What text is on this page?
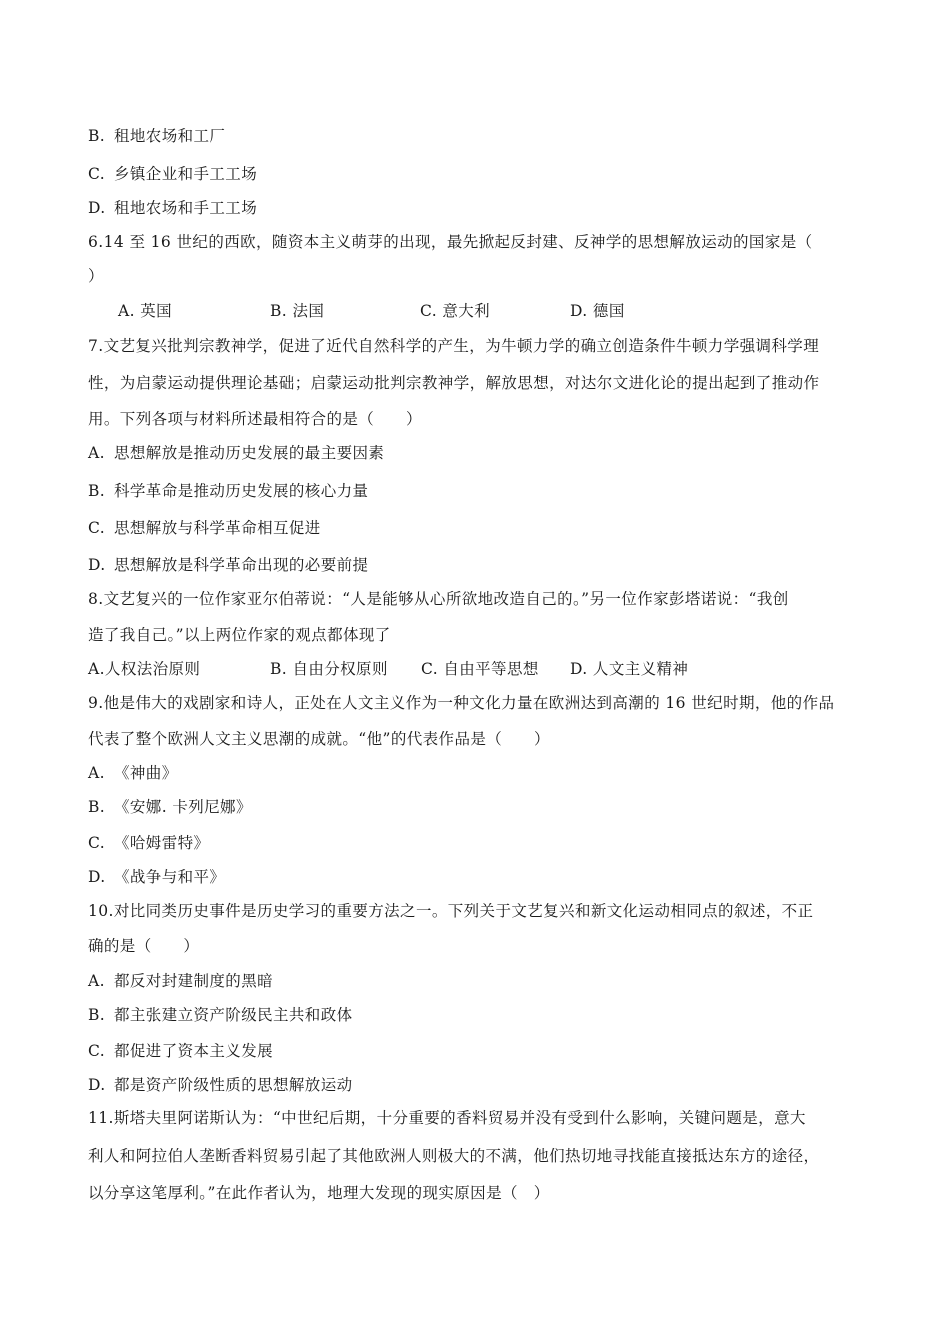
B. 租地农场和工厂
C. 乡镇企业和手工工场
D. 租地农场和手工工场
6.14 至 16 世纪的西欧，随资本主义萌芽的出现，最先掀起反封建、反神学的思想解放运动的国家是（
）
A. 英国	B. 法国	C. 意大利	D. 德国
7.文艺复兴批判宗教神学，促进了近代自然科学的产生，为牛顿力学的确立创造条件牛顿力学强调科学理
性，为启蒙运动提供理论基础；启蒙运动批判宗教神学，解放思想，对达尔文进化论的提出起到了推动作
用。下列各项与材料所述最相符合的是（　　）
A. 思想解放是推动历史发展的最主要因素
B. 科学革命是推动历史发展的核心力量
C. 思想解放与科学革命相互促进
D. 思想解放是科学革命出现的必要前提
8.文艺复兴的一位作家亚尔伯蒂说：“人是能够从心所欲地改造自己的。”另一位作家彭塔诺说：“我创
造了我自己。”以上两位作家的观点都体现了
A.人权法治原则	B. 自由分权原则 C. 自由平等思想 D. 人文主义精神
9.他是伟大的戏剧家和诗人，正处在人文主义作为一种文化力量在欧洲达到高潮的 16 世纪时期，他的作品
代表了整个欧洲人文主义思潮的成就。“他”的代表作品是（　　）
A. 《神曲》
B. 《安娜. 卡列尼娜》
C. 《哈姆雷特》
D. 《战争与和平》
10.对比同类历史事件是历史学习的重要方法之一。下列关于文艺复兴和新文化运动相同点的叙述，不正
确的是（　　）
A. 都反对封建制度的黑暗
B. 都主张建立资产阶级民主共和政体
C. 都促进了资本主义发展
D. 都是资产阶级性质的思想解放运动
11.斯塔夫里阿诺斯认为：“中世纪后期，十分重要的香料贸易并没有受到什么影响，关键问题是，意大
利人和阿拉伯人垄断香料贸易引起了其他欧洲人则极大的不满，他们热切地寻找能直接抵达东方的途径，
以分享这笔厚利。”在此作者认为，地理大发现的现实原因是（　）
